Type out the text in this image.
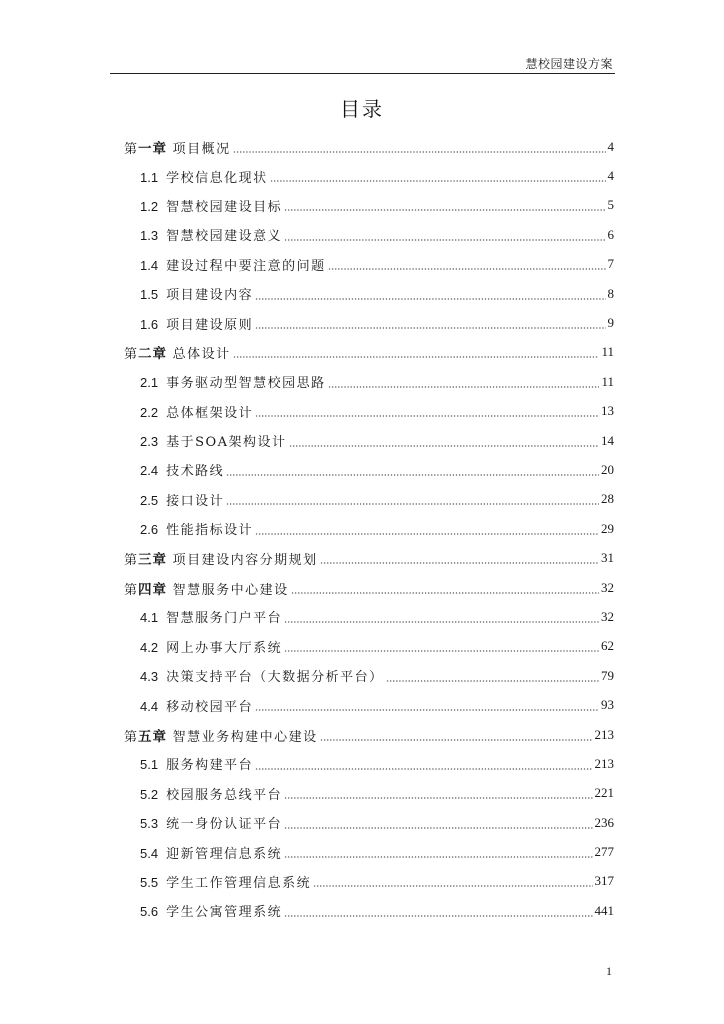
慧校园建设方案
目录
第一章 项目概况	4
1.1 学校信息化现状	4
1.2 智慧校园建设目标	5
1.3 智慧校园建设意义	6
1.4 建设过程中要注意的问题	7
1.5 项目建设内容	8
1.6 项目建设原则	9
第二章 总体设计	11
2.1 事务驱动型智慧校园思路	11
2.2 总体框架设计	13
2.3 基于SOA架构设计	14
2.4 技术路线	20
2.5 接口设计	28
2.6 性能指标设计	29
第三章 项目建设内容分期规划	31
第四章 智慧服务中心建设	32
4.1 智慧服务门户平台	32
4.2 网上办事大厅系统	62
4.3 决策支持平台（大数据分析平台）	79
4.4 移动校园平台	93
第五章 智慧业务构建中心建设	213
5.1 服务构建平台	213
5.2 校园服务总线平台	221
5.3 统一身份认证平台	236
5.4 迎新管理信息系统	277
5.5 学生工作管理信息系统	317
5.6 学生公寓管理系统	441
1
